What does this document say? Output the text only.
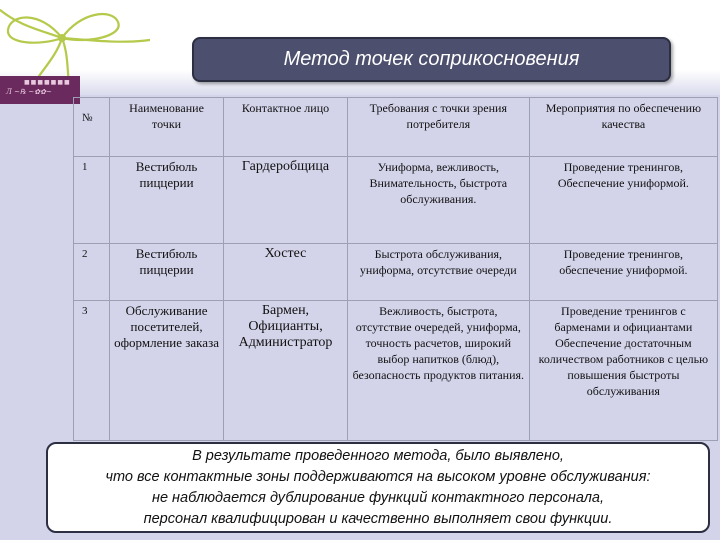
■■■■■■■
Л ~℞ ~✿✿~
Метод точек соприкосновения
№	Наименование точки	Контактное лицо	Требования с точки зрения потребителя	Мероприятия по обеспечению качества
1	Вестибюль пиццерии	Гардеробщица	Униформа, вежливость, Внимательность, быстрота обслуживания.	Проведение тренингов, Обеспечение униформой.
2	Вестибюль пиццерии	Хостес	Быстрота обслуживания, униформа, отсутствие очереди	Проведение тренингов, обеспечение униформой.
3	Обслуживание посетителей, оформление заказа	Бармен, Официанты, Администратор	Вежливость, быстрота, отсутствие очередей, униформа, точность расчетов, широкий выбор напитков (блюд), безопасность продуктов питания.	Проведение тренингов с барменами и официантами Обеспечение достаточным количеством работников с целью повышения быстроты обслуживания
В результате проведенного метода, было выявлено,
что все контактные зоны поддерживаются на высоком уровне обслуживания:
не наблюдается дублирование функций контактного персонала,
персонал квалифицирован и качественно выполняет свои функции.
